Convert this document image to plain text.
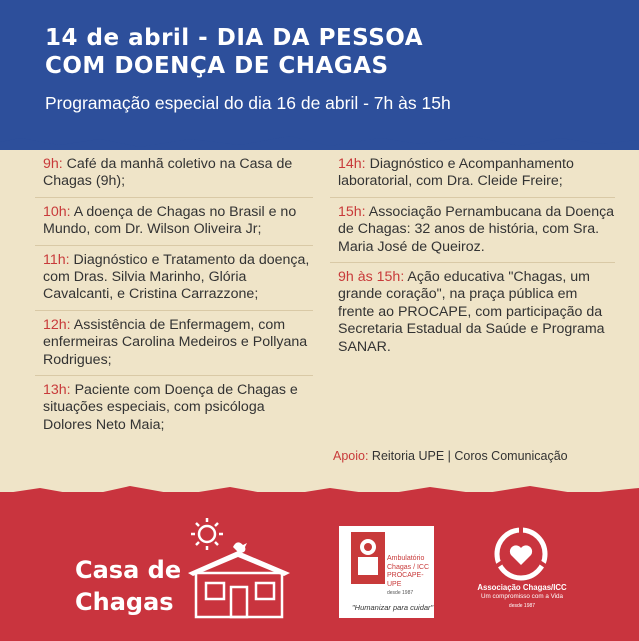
14 de abril - DIA DA PESSOA
COM DOENÇA DE CHAGAS

Programação especial do dia 16 de abril - 7h às 15h

9h: Café da manhã coletivo na Casa de Chagas (9h);
10h: A doença de Chagas no Brasil e no Mundo, com Dr. Wilson Oliveira Jr;
11h: Diagnóstico e Tratamento da doença, com Dras. Silvia Marinho, Glória Cavalcanti, e Cristina Carrazzone;
12h: Assistência de Enfermagem, com enfermeiras Carolina Medeiros e Pollyana Rodrigues;
13h: Paciente com Doença de Chagas e situações especiais, com psicóloga Dolores Neto Maia;
14h: Diagnóstico e Acompanhamento laboratorial, com Dra. Cleide Freire;
15h: Associação Pernambucana da Doença de Chagas: 32 anos de história, com Sra. Maria José de Queiroz.
9h às 15h: Ação educativa "Chagas, um grande coração", na praça pública em frente ao PROCAPE, com participação da Secretaria Estadual da Saúde e Programa SANAR.
Apoio: Reitoria UPE | Coros Comunicação
Casa de
Chagas
Ambulatório Chagas / ICC PROCAPE-UPE
desde 1987
"Humanizar para cuidar"
Associação Chagas/ICC
Um compromisso com a Vida
desde 1987
